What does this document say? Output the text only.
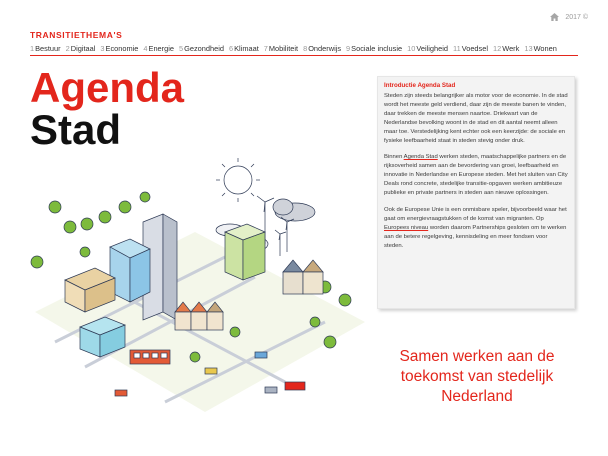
2017 ©
TRANSITIETHEMA'S
1Bestuur 2Digitaal 3Economie 4Energie 5Gezondheid 6Klimaat 7Mobiliteit 8Onderwijs 9Sociale inclusie 10Veiligheid 11Voedsel 12Werk 13Wonen
Agenda
Stad
Introductie Agenda Stad

Steden zijn steeds belangrijker als motor voor de economie. In de stad wordt het meeste geld verdiend, daar zijn de meeste banen te vinden, daar trekken de meeste mensen naartoe. Driekwart van de Nederlandse bevolking woont in de stad en dit aantal neemt alleen maar toe. Verstedelijking kent echter ook een keerzijde: de sociale en fysieke leefbaarheid staat in steden stevig onder druk.

Binnen Agenda Stad werken steden, maatschappelijke partners en de rijksoverheid samen aan de bevordering van groei, leefbaarheid en innovatie in Nederlandse en Europese steden. Met het sluiten van City Deals rond concrete, stedelijke transitie-opgaven werken ambitieuze publieke en private partners in steden aan nieuwe oplossingen.

Ook de Europese Unie is een onmisbare speler, bijvoorbeeld waar het gaat om energievraagstukken of de komst van migranten. Op Europees niveau worden daarom Partnerships gesloten om te werken aan de betere regelgeving, kennisdeling en meer fondsen voor steden.

Samen werken aan de toekomst van stedelijk Nederland
